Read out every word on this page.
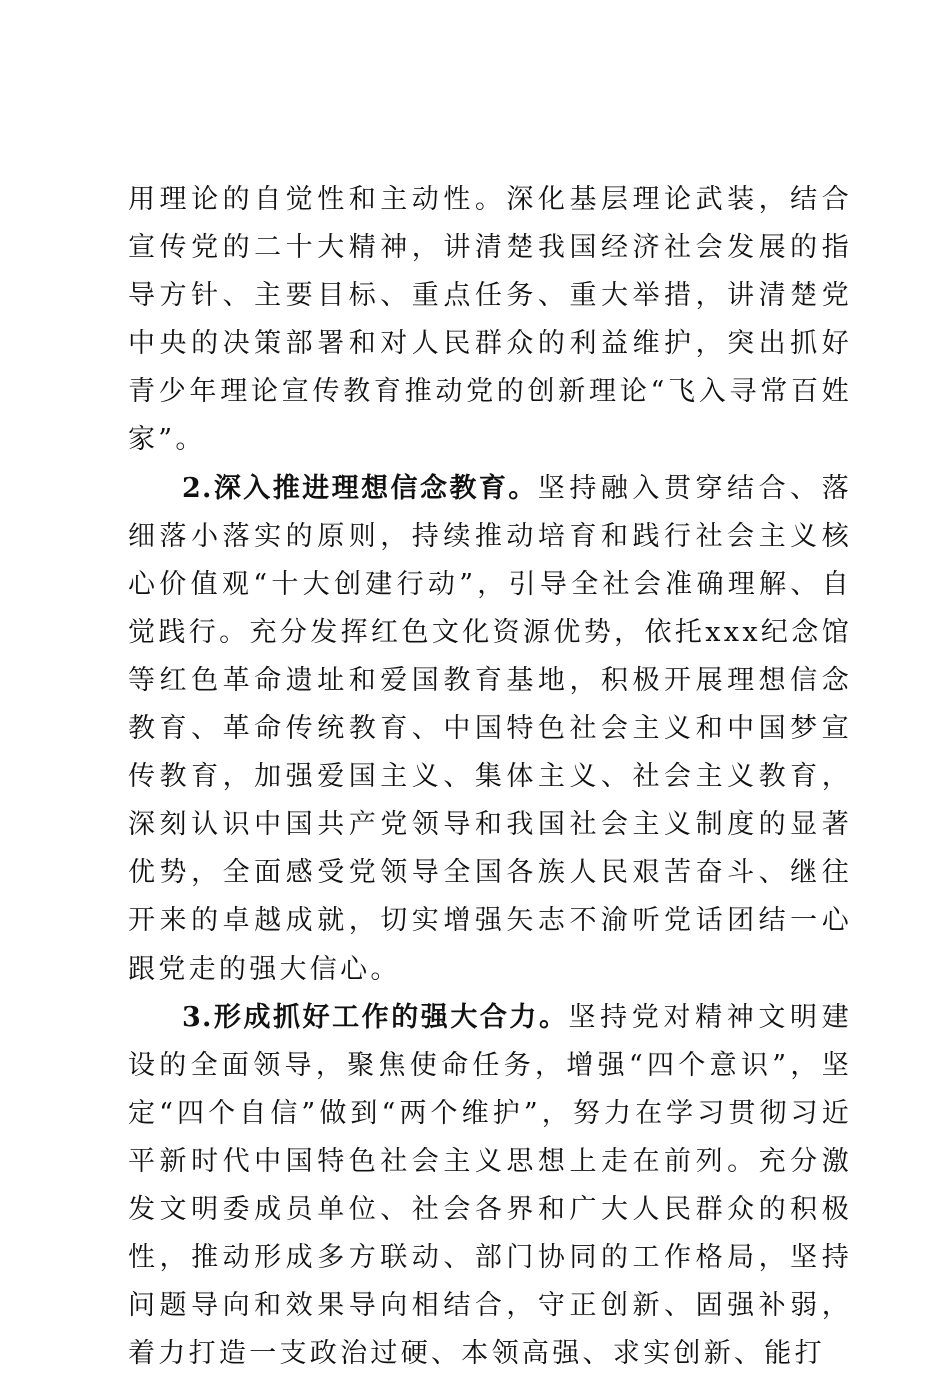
用理论的自觉性和主动性。深化基层理论武装，结合宣传党的二十大精神，讲清楚我国经济社会发展的指导方针、主要目标、重点任务、重大举措，讲清楚党中央的决策部署和对人民群众的利益维护，突出抓好青少年理论宣传教育推动党的创新理论“飞入寻常百姓家”。

2.深入推进理想信念教育。坚持融入贯穿结合、落细落小落实的原则，持续推动培育和践行社会主义核心价值观“十大创建行动”，引导全社会准确理解、自觉践行。充分发挥红色文化资源优势，依托xxx纪念馆等红色革命遗址和爱国教育基地，积极开展理想信念教育、革命传统教育、中国特色社会主义和中国梦宣传教育，加强爱国主义、集体主义、社会主义教育，深刻认识中国共产党领导和我国社会主义制度的显著优势，全面感受党领导全国各族人民艰苦奋斗、继往开来的卓越成就，切实增强矢志不渝听党话团结一心跟党走的强大信心。

3.形成抓好工作的强大合力。坚持党对精神文明建设的全面领导，聚焦使命任务，增强“四个意识”，坚定“四个自信”做到“两个维护”，努力在学习贯彻习近平新时代中国特色社会主义思想上走在前列。充分激发文明委成员单位、社会各界和广大人民群众的积极性，推动形成多方联动、部门协同的工作格局，坚持问题导向和效果导向相结合，守正创新、固强补弱，着力打造一支政治过硬、本领高强、求实创新、能打
